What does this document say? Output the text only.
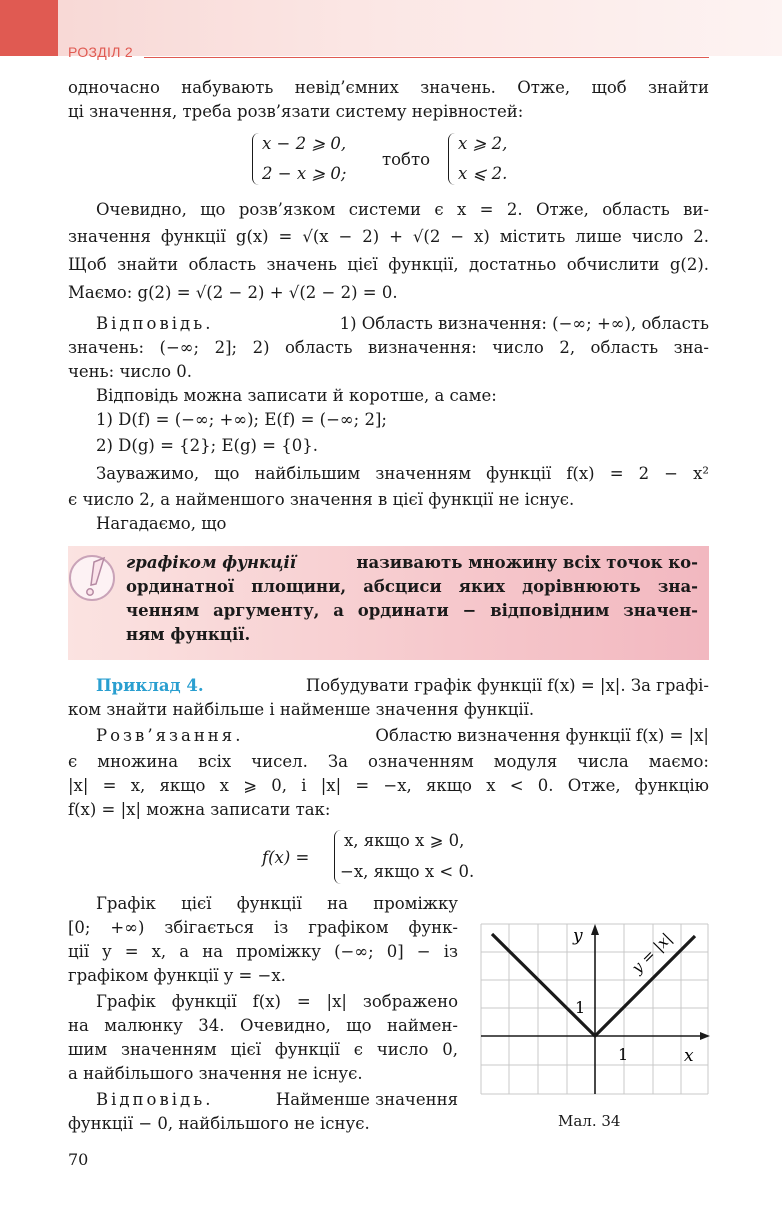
РОЗДІЛ 2
одночасно набувають невід’ємних значень. Отже, щоб знайти
ці значення, треба розв’язати систему нерівностей:
x − 2 ⩾ 0,
2 − x ⩾ 0;
тобто
x ⩾ 2,
x ⩽ 2.
Очевидно, що розв’язком системи є x = 2. Отже, область ви-
значення функції g(x) = √(x − 2) + √(2 − x) містить лише число 2.
Щоб знайти область значень цієї функції, достатньо обчислити g(2).
Маємо: g(2) = √(2 − 2) + √(2 − 2) = 0.
Відповідь.	1) Область визначення: (−∞; +∞), область
значень: (−∞; 2]; 2) область визначення: число 2, область зна-
чень: число 0.
Відповідь можна записати й коротше, а саме:
1) D(f) = (−∞; +∞); E(f) = (−∞; 2];
2) D(g) = {2}; E(g) = {0}.
Зауважимо, що найбільшим значенням функції f(x) = 2 − x²
є число 2, а найменшого значення в цієї функції не існує.
Нагадаємо, що
графіком функції	називають множину всіх точок ко-
ординатної площини, абсциси яких дорівнюють зна-
ченням аргументу, а ординати − відповідним значен-
ням функції.
Приклад 4.	Побудувати графік функції f(x) = |x|. За графі-
ком знайти найбільше і найменше значення функції.
Розв’язання.	Областю визначення функції f(x) = |x|
є множина всіх чисел. За означенням модуля числа маємо:
|x| = x, якщо x ⩾ 0, і |x| = −x, якщо x < 0. Отже, функцію
f(x) = |x| можна записати так:
f(x) =
x, якщо x ⩾ 0,
−x, якщо x < 0.
Графік цієї функції на проміжку
[0; +∞) збігається із графіком функ-
ції y = x, а на проміжку (−∞; 0] − із
графіком функції y = −x.
Графік функції f(x) = |x| зображено
на малюнку 34. Очевидно, що наймен-
шим значенням цієї функції є число 0,
а найбільшого значення не існує.
Відповідь.	Найменше значення
функції − 0, найбільшого не існує.
y
x
1
1
y = |x|
Мал. 34
70
